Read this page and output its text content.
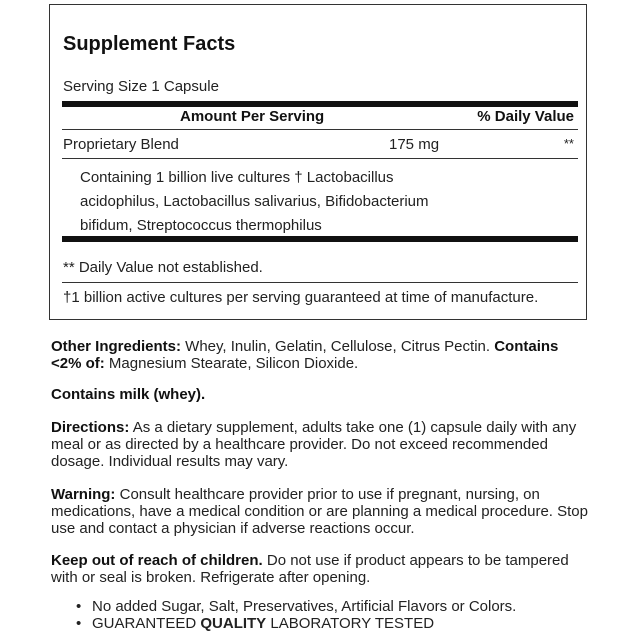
Supplement Facts
Serving Size 1 Capsule
Amount Per Serving	% Daily Value
Proprietary Blend	175 mg	**
Containing 1 billion live cultures † Lactobacillus
acidophilus, Lactobacillus salivarius, Bifidobacterium
bifidum, Streptococcus thermophilus
** Daily Value not established.
†1 billion active cultures per serving guaranteed at time of manufacture.
Other Ingredients: Whey, Inulin, Gelatin, Cellulose, Citrus Pectin. Contains <2% of: Magnesium Stearate, Silicon Dioxide.
Contains milk (whey).
Directions: As a dietary supplement, adults take one (1) capsule daily with any meal or as directed by a healthcare provider. Do not exceed recommended dosage. Individual results may vary.
Warning: Consult healthcare provider prior to use if pregnant, nursing, on medications, have a medical condition or are planning a medical procedure. Stop use and contact a physician if adverse reactions occur.
Keep out of reach of children. Do not use if product appears to be tampered with or seal is broken. Refrigerate after opening.
• No added Sugar, Salt, Preservatives, Artificial Flavors or Colors.
• GUARANTEED QUALITY LABORATORY TESTED
